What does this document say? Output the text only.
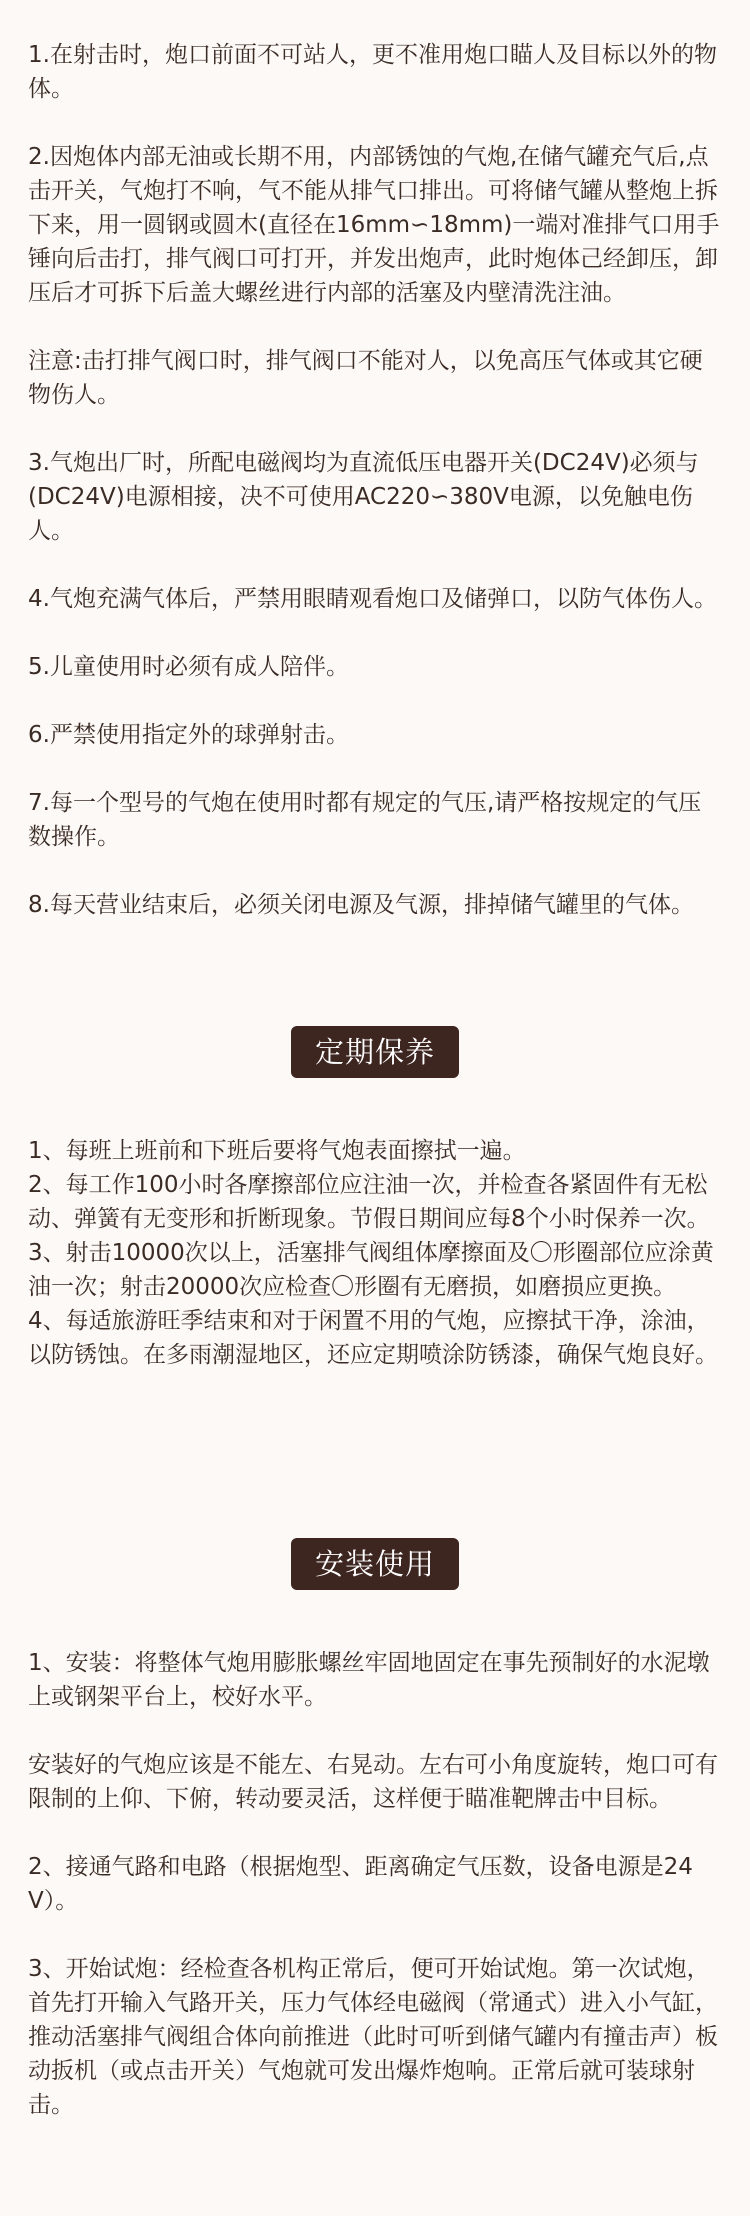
1.在射击时，炮口前面不可站人，更不准用炮口瞄人及目标以外的物体。

2.因炮体内部无油或长期不用，内部锈蚀的气炮,在储气罐充气后,点击开关，气炮打不响，气不能从排气口排出。可将储气罐从整炮上拆下来，用一圆钢或圆木(直径在16mm∽18mm)一端对准排气口用手锤向后击打，排气阀口可打开，并发出炮声，此时炮体己经卸压，卸压后才可拆下后盖大螺丝进行内部的活塞及内壁清洗注油。

注意:击打排气阀口时，排气阀口不能对人，以免高压气体或其它硬物伤人。

3.气炮出厂时，所配电磁阀均为直流低压电器开关(DC24V)必须与(DC24V)电源相接，决不可使用AC220∽380V电源，以免触电伤人。

4.气炮充满气体后，严禁用眼睛观看炮口及储弹口，以防气体伤人。

5.儿童使用时必须有成人陪伴。

6.严禁使用指定外的球弹射击。

7.每一个型号的气炮在使用时都有规定的气压,请严格按规定的气压数操作。

8.每天营业结束后，必须关闭电源及气源，排掉储气罐里的气体。

定期保养

1、每班上班前和下班后要将气炮表面擦拭一遍。

2、每工作100小时各摩擦部位应注油一次，并检查各紧固件有无松动、弹簧有无变形和折断现象。节假日期间应每8个小时保养一次。

3、射击10000次以上，活塞排气阀组体摩擦面及〇形圈部位应涂黄油一次；射击20000次应检查〇形圈有无磨损，如磨损应更换。

4、每适旅游旺季结束和对于闲置不用的气炮，应擦拭干净，涂油，以防锈蚀。在多雨潮湿地区，还应定期喷涂防锈漆，确保气炮良好。

安装使用

1、安装：将整体气炮用膨胀螺丝牢固地固定在事先预制好的水泥墩上或钢架平台上，校好水平。

安装好的气炮应该是不能左、右晃动。左右可小角度旋转，炮口可有限制的上仰、下俯，转动要灵活，这样便于瞄准靶牌击中目标。

2、接通气路和电路（根据炮型、距离确定气压数，设备电源是24V）。

3、开始试炮：经检查各机构正常后，便可开始试炮。第一次试炮，首先打开输入气路开关，压力气体经电磁阀（常通式）进入小气缸，推动活塞排气阀组合体向前推进（此时可听到储气罐内有撞击声）板动扳机（或点击开关）气炮就可发出爆炸炮响。正常后就可装球射击。
